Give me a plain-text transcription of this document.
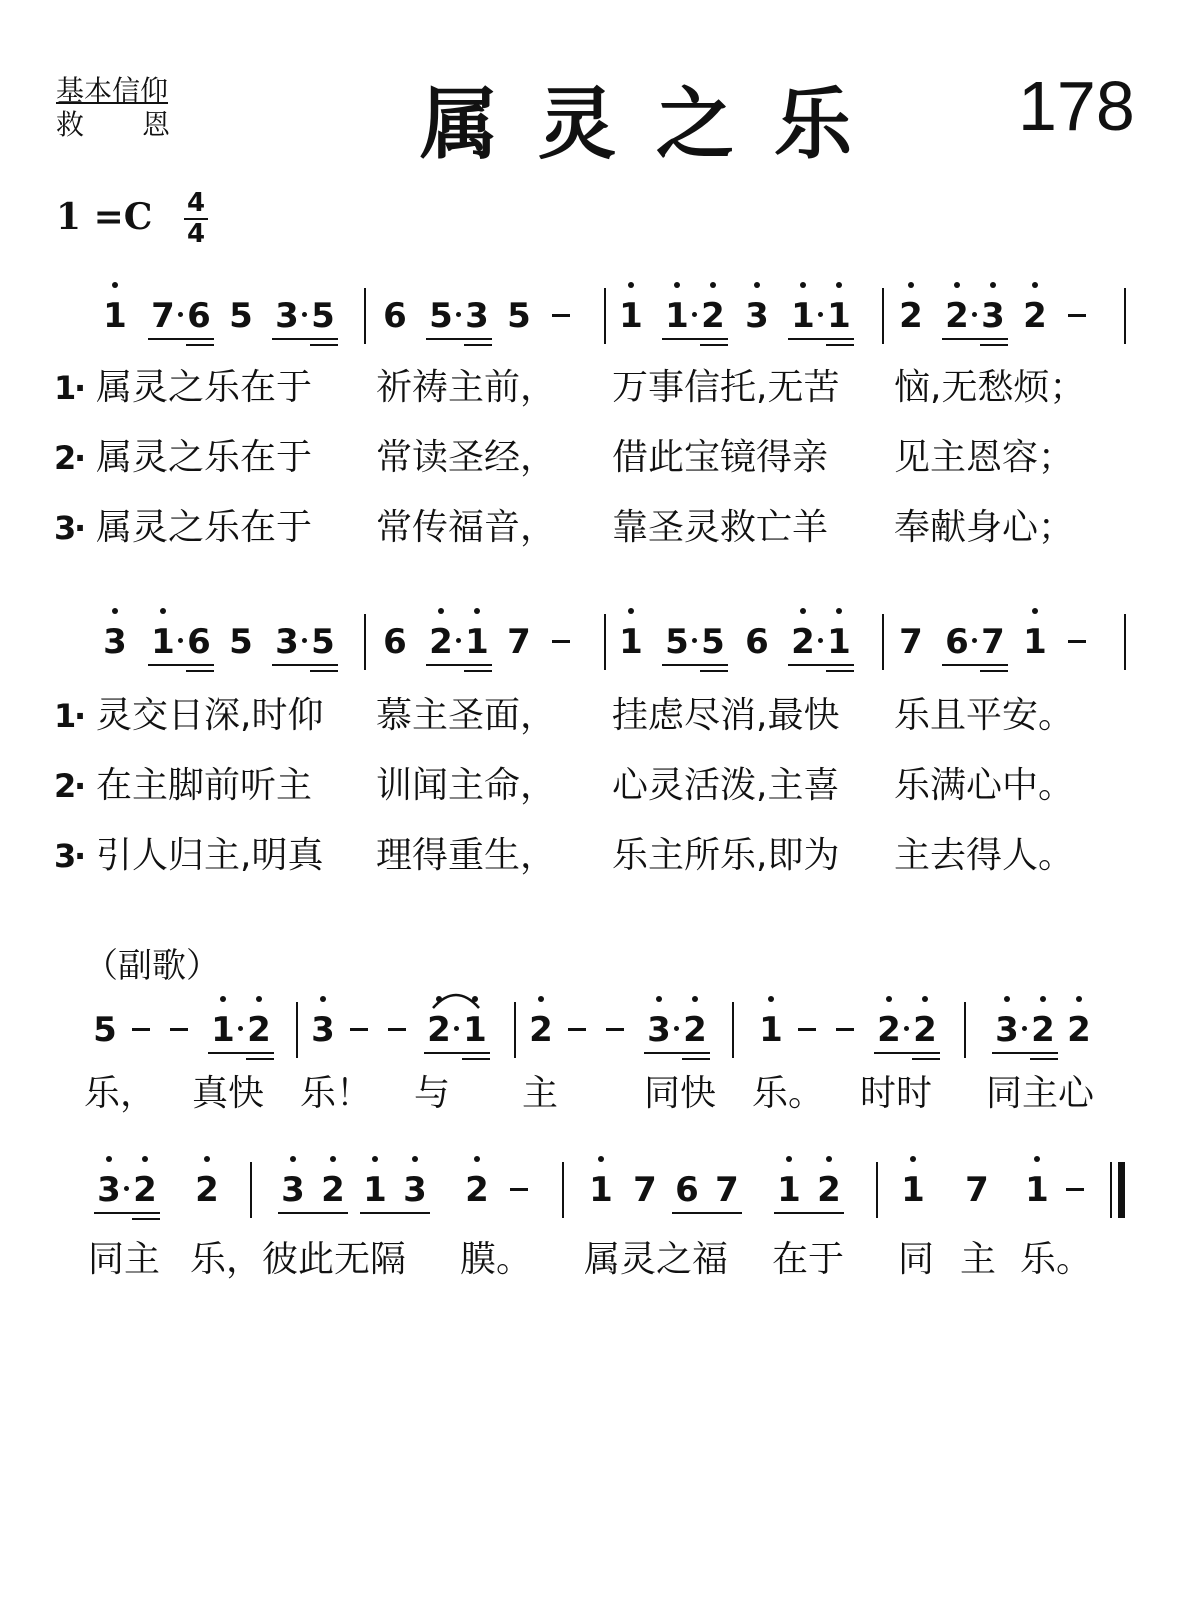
基本信仰
救恩 属灵之乐 178
1 =C 4
4
1 7 6 5 3 5 6 5 3 5	1 1 2 3 1 1 2 2 3 2
1
· 属灵之乐在于 祈祷主前， 万事信托,无苦 恼,无愁烦；
2
· 属灵之乐在于 常读圣经， 借此宝镜得亲 见主恩容；
3
· 属灵之乐在于 常传福音， 靠圣灵救亡羊 奉献身心；
3 1 6 5 3 5 6 2 1 7	1 5 5 6 2 1 7 6 7 1
1
· 灵交日深,时仰 慕主圣面， 挂虑尽消,最快 乐且平安。
2
· 在主脚前听主 训闻主命， 心灵活泼,主喜 乐满心中。
3
· 引人归主,明真 理得重生， 乐主所乐,即为 主去得人。
（副歌）
5	1 2 3	2 1 2	3 2 1	2 2 3 2 2
乐， 真快 乐！ 与 主 同快 乐。 时时 同主心
3 2 2 3 2 1 3 2	1 7 6 7 1 2 1 7 1
同主 乐，彼此无隔 膜。 属灵之福 在于 同 主 乐。
